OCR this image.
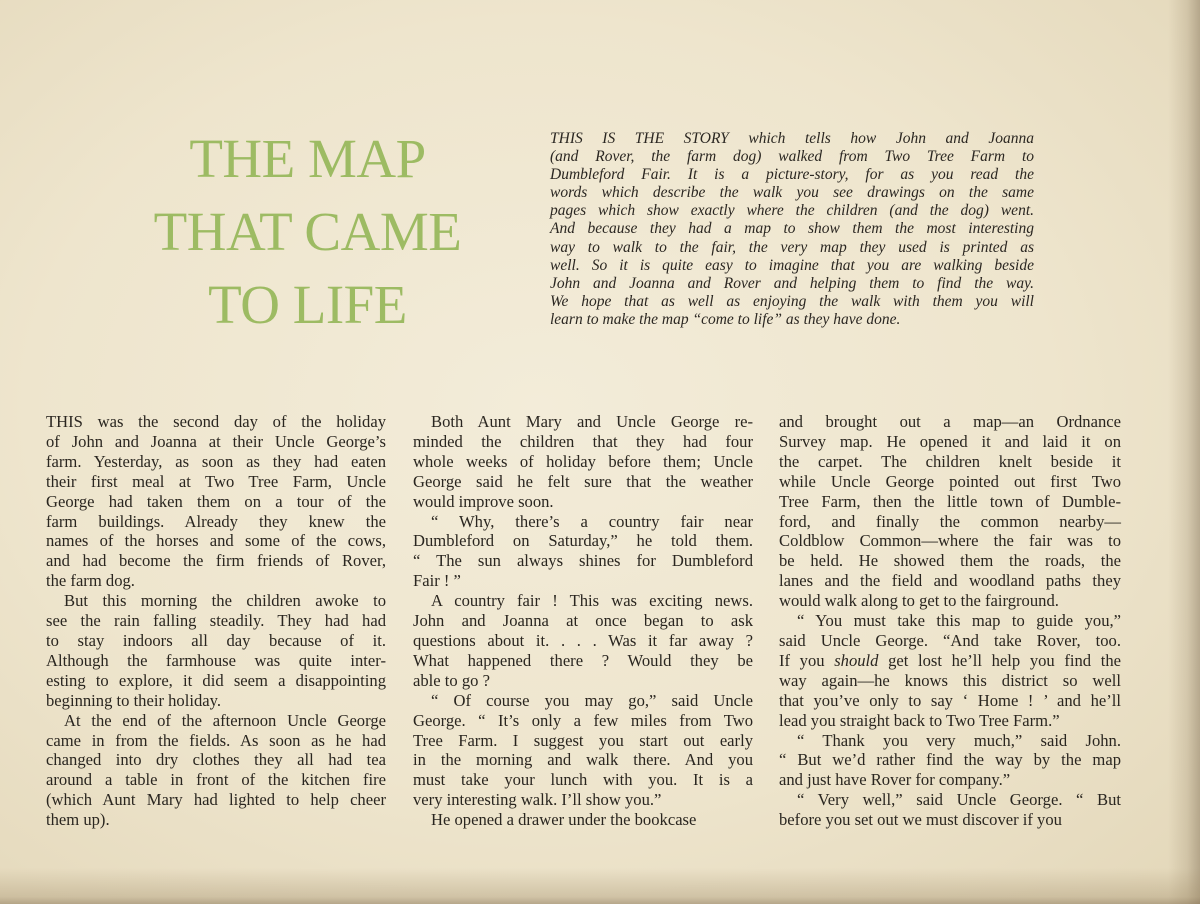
THE MAP
THAT CAME
TO LIFE
THIS IS THE STORY which tells how John and Joanna
(and Rover, the farm dog) walked from Two Tree Farm to
Dumbleford Fair. It is a picture-story, for as you read the
words which describe the walk you see drawings on the same
pages which show exactly where the children (and the dog) went.
And because they had a map to show them the most interesting
way to walk to the fair, the very map they used is printed as
well. So it is quite easy to imagine that you are walking beside
John and Joanna and Rover and helping them to find the way.
We hope that as well as enjoying the walk with them you will
learn to make the map “come to life” as they have done.
THIS was the second day of the holiday
of John and Joanna at their Uncle George’s
farm. Yesterday, as soon as they had eaten
their first meal at Two Tree Farm, Uncle
George had taken them on a tour of the
farm buildings. Already they knew the
names of the horses and some of the cows,
and had become the firm friends of Rover,
the farm dog.
But this morning the children awoke to
see the rain falling steadily. They had had
to stay indoors all day because of it.
Although the farmhouse was quite inter-
esting to explore, it did seem a disappointing
beginning to their holiday.
At the end of the afternoon Uncle George
came in from the fields. As soon as he had
changed into dry clothes they all had tea
around a table in front of the kitchen fire
(which Aunt Mary had lighted to help cheer
them up).
Both Aunt Mary and Uncle George re-
minded the children that they had four
whole weeks of holiday before them; Uncle
George said he felt sure that the weather
would improve soon.
“ Why, there’s a country fair near
Dumbleford on Saturday,” he told them.
“ The sun always shines for Dumbleford
Fair ! ”
A country fair ! This was exciting news.
John and Joanna at once began to ask
questions about it. . . . Was it far away ?
What happened there ? Would they be
able to go ?
“ Of course you may go,” said Uncle
George. “ It’s only a few miles from Two
Tree Farm. I suggest you start out early
in the morning and walk there. And you
must take your lunch with you. It is a
very interesting walk. I’ll show you.”
He opened a drawer under the bookcase
and brought out a map—an Ordnance
Survey map. He opened it and laid it on
the carpet. The children knelt beside it
while Uncle George pointed out first Two
Tree Farm, then the little town of Dumble-
ford, and finally the common nearby—
Coldblow Common—where the fair was to
be held. He showed them the roads, the
lanes and the field and woodland paths they
would walk along to get to the fairground.
“ You must take this map to guide you,”
said Uncle George. “And take Rover, too.
If you should get lost he’ll help you find the
way again—he knows this district so well
that you’ve only to say ‘ Home ! ’ and he’ll
lead you straight back to Two Tree Farm.”
“ Thank you very much,” said John.
“ But we’d rather find the way by the map
and just have Rover for company.”
“ Very well,” said Uncle George. “ But
before you set out we must discover if you
